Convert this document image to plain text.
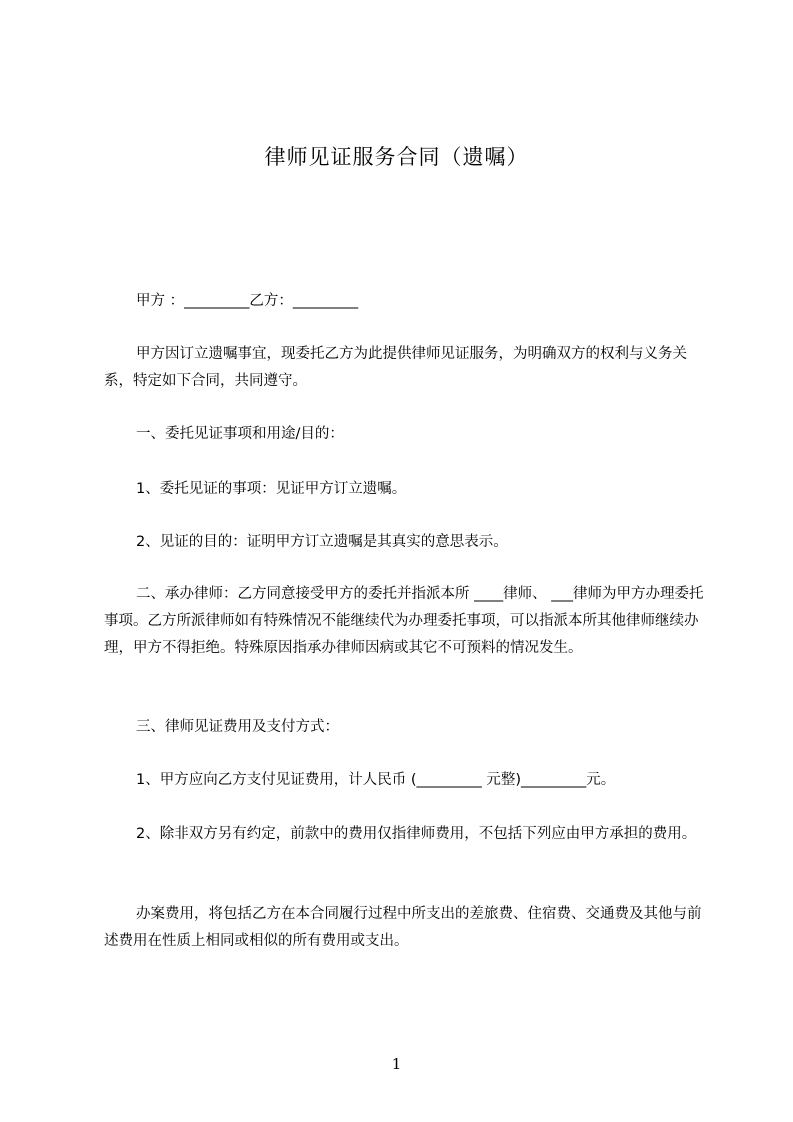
律师见证服务合同（遗嘱）

甲方 ：_________乙方：_________

甲方因订立遗嘱事宜，现委托乙方为此提供律师见证服务，为明确双方的权利与义务关系，特定如下合同，共同遵守。

一、委托见证事项和用途/目的：

1、委托见证的事项：见证甲方订立遗嘱。

2、见证的目的：证明甲方订立遗嘱是其真实的意思表示。

二、承办律师：乙方同意接受甲方的委托并指派本所 ____律师、 ___律师为甲方办理委托事项。乙方所派律师如有特殊情况不能继续代为办理委托事项，可以指派本所其他律师继续办理，甲方不得拒绝。特殊原因指承办律师因病或其它不可预料的情况发生。

三、律师见证费用及支付方式：

1、甲方应向乙方支付见证费用，计人民币 (_________ 元整)_________元。

2、除非双方另有约定，前款中的费用仅指律师费用，不包括下列应由甲方承担的费用。

办案费用，将包括乙方在本合同履行过程中所支出的差旅费、住宿费、交通费及其他与前述费用在性质上相同或相似的所有费用或支出。

1
